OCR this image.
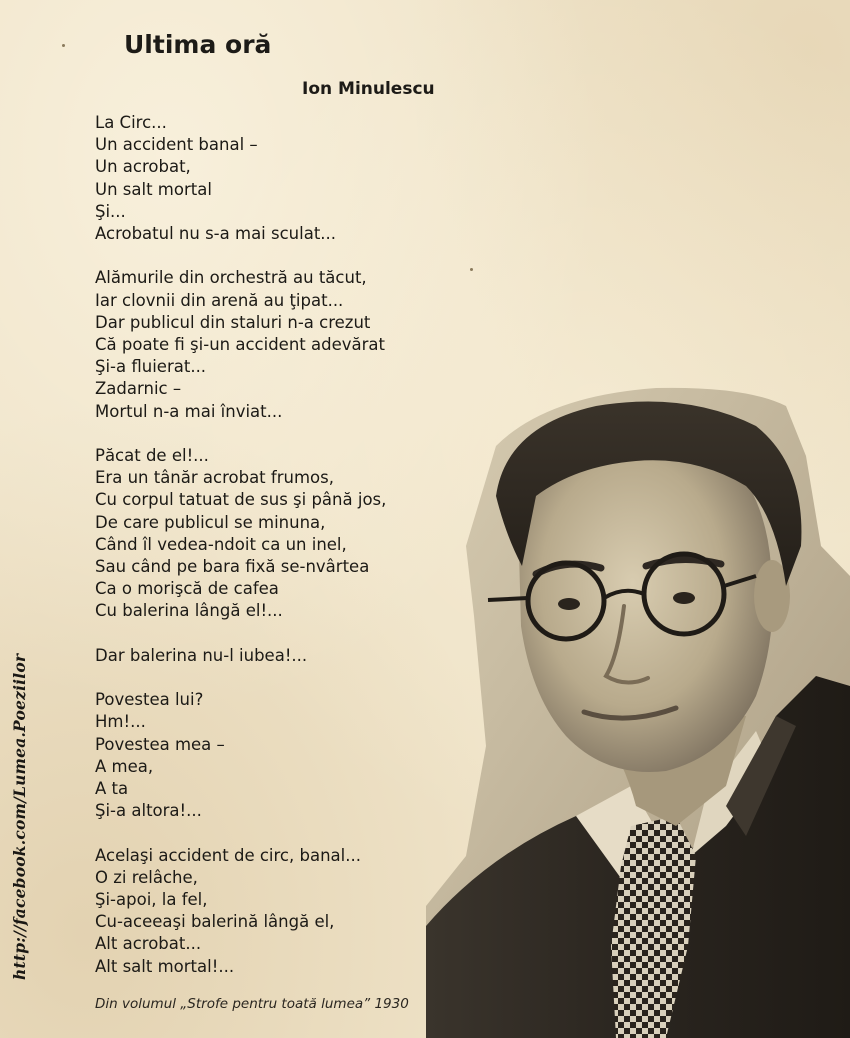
Ultima oră
Ion Minulescu
La Circ...
Un accident banal –
Un acrobat,
Un salt mortal
Şi...
Acrobatul nu s-a mai sculat...
Alămurile din orchestră au tăcut,
Iar clovnii din arenă au ţipat...
Dar publicul din staluri n-a crezut
Că poate fi şi-un accident adevărat
Şi-a fluierat...
Zadarnic –
Mortul n-a mai înviat...
Păcat de el!...
Era un tânăr acrobat frumos,
Cu corpul tatuat de sus şi până jos,
De care publicul se minuna,
Când îl vedea-ndoit ca un inel,
Sau când pe bara fixă se-nvârtea
Ca o morişcă de cafea
Cu balerina lângă el!...
Dar balerina nu-l iubea!...
Povestea lui?
Hm!...
Povestea mea –
A mea,
A ta
Şi-a altora!...
Acelaşi accident de circ, banal...
O zi relâche,
Şi-apoi, la fel,
Cu-aceeaşi balerină lângă el,
Alt acrobat...
Alt salt mortal!...
Din volumul „Strofe pentru toată lumea” 1930
http://facebook.com/Lumea.Poeziilor
